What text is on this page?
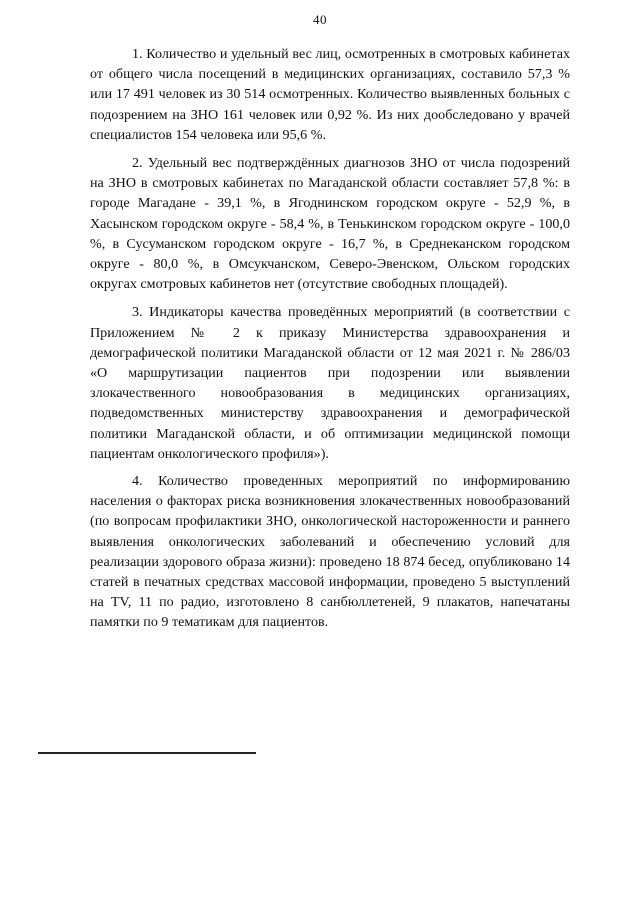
40

1. Количество и удельный вес лиц, осмотренных в смотровых кабинетах от общего числа посещений в медицинских организациях, составило 57,3 % или 17 491 человек из 30 514 осмотренных. Количество выявленных больных с подозрением на ЗНО 161 человек или 0,92 %. Из них дообследовано у врачей специалистов 154 человека или 95,6 %.

2. Удельный вес подтверждённых диагнозов ЗНО от числа подозрений на ЗНО в смотровых кабинетах по Магаданской области составляет 57,8 %: в городе Магадане - 39,1 %, в Ягоднинском городском округе - 52,9 %, в Хасынском городском округе - 58,4 %, в Тенькинском городском округе - 100,0 %, в Сусуманском городском округе - 16,7 %, в Среднеканском городском округе - 80,0 %, в Омсукчанском, Северо-Эвенском, Ольском городских округах смотровых кабинетов нет (отсутствие свободных площадей).

3. Индикаторы качества проведённых мероприятий (в соответствии с Приложением № 2 к приказу Министерства здравоохранения и демографической политики Магаданской области от 12 мая 2021 г. № 286/03 «О маршрутизации пациентов при подозрении или выявлении злокачественного новообразования в медицинских организациях, подведомственных министерству здравоохранения и демографической политики Магаданской области, и об оптимизации медицинской помощи пациентам онкологического профиля»).

4. Количество проведенных мероприятий по информированию населения о факторах риска возникновения злокачественных новообразований (по вопросам профилактики ЗНО, онкологической настороженности и раннего выявления онкологических заболеваний и обеспечению условий для реализации здорового образа жизни): проведено 18 874 бесед, опубликовано 14 статей в печатных средствах массовой информации, проведено 5 выступлений на TV, 11 по радио, изготовлено 8 санбюллетеней, 9 плакатов, напечатаны памятки по 9 тематикам для пациентов.
